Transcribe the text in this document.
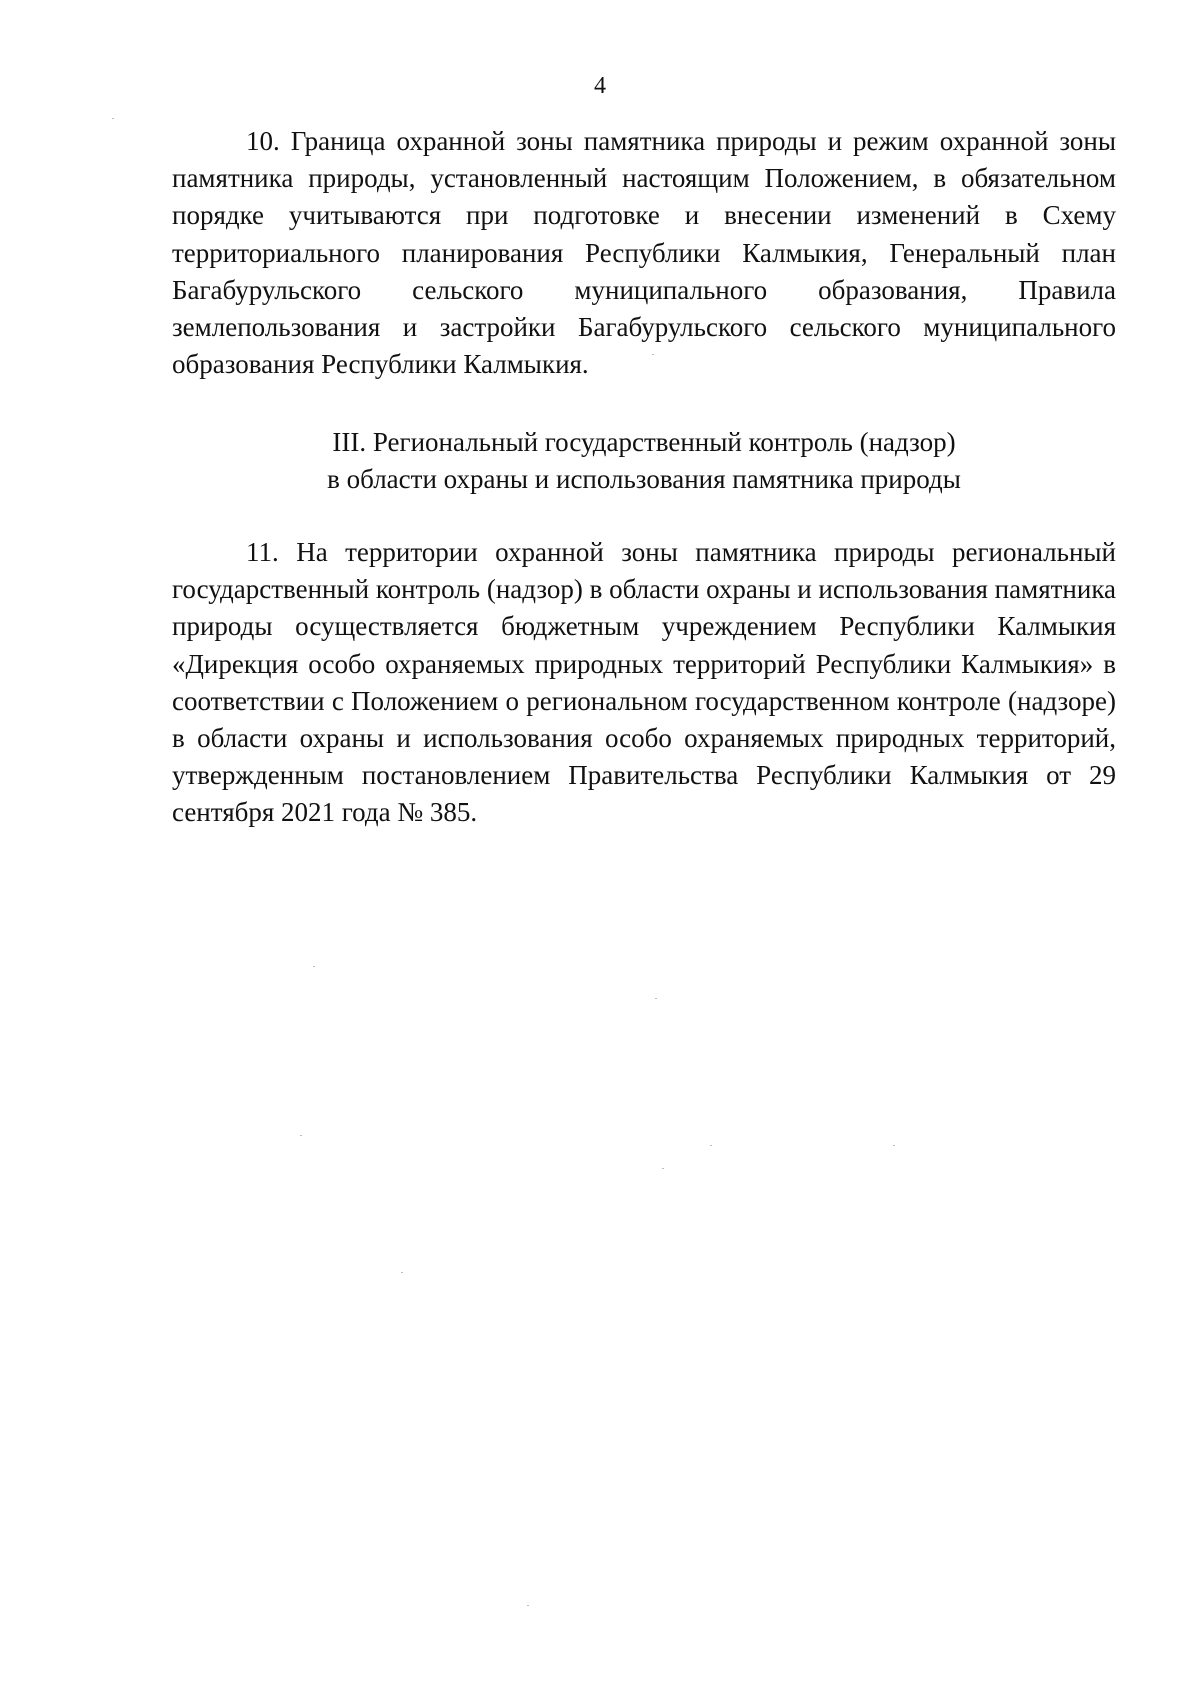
4

10. Граница охранной зоны памятника природы и режим охранной зоны памятника природы, установленный настоящим Положением, в обязательном порядке учитываются при подготовке и внесении изменений в Схему территориального планирования Республики Калмыкия, Генеральный план Багабурульского сельского муниципального образования, Правила землепользования и застройки Багабурульского сельского муниципального образования Республики Калмыкия.

III. Региональный государственный контроль (надзор)
в области охраны и использования памятника природы

11. На территории охранной зоны памятника природы региональный государственный контроль (надзор) в области охраны и использования памятника природы осуществляется бюджетным учреждением Республики Калмыкия «Дирекция особо охраняемых природных территорий Республики Калмыкия» в соответствии с Положением о региональном государственном контроле (надзоре) в области охраны и использования особо охраняемых природных территорий, утвержденным постановлением Правительства Республики Калмыкия от 29 сентября 2021 года № 385.
